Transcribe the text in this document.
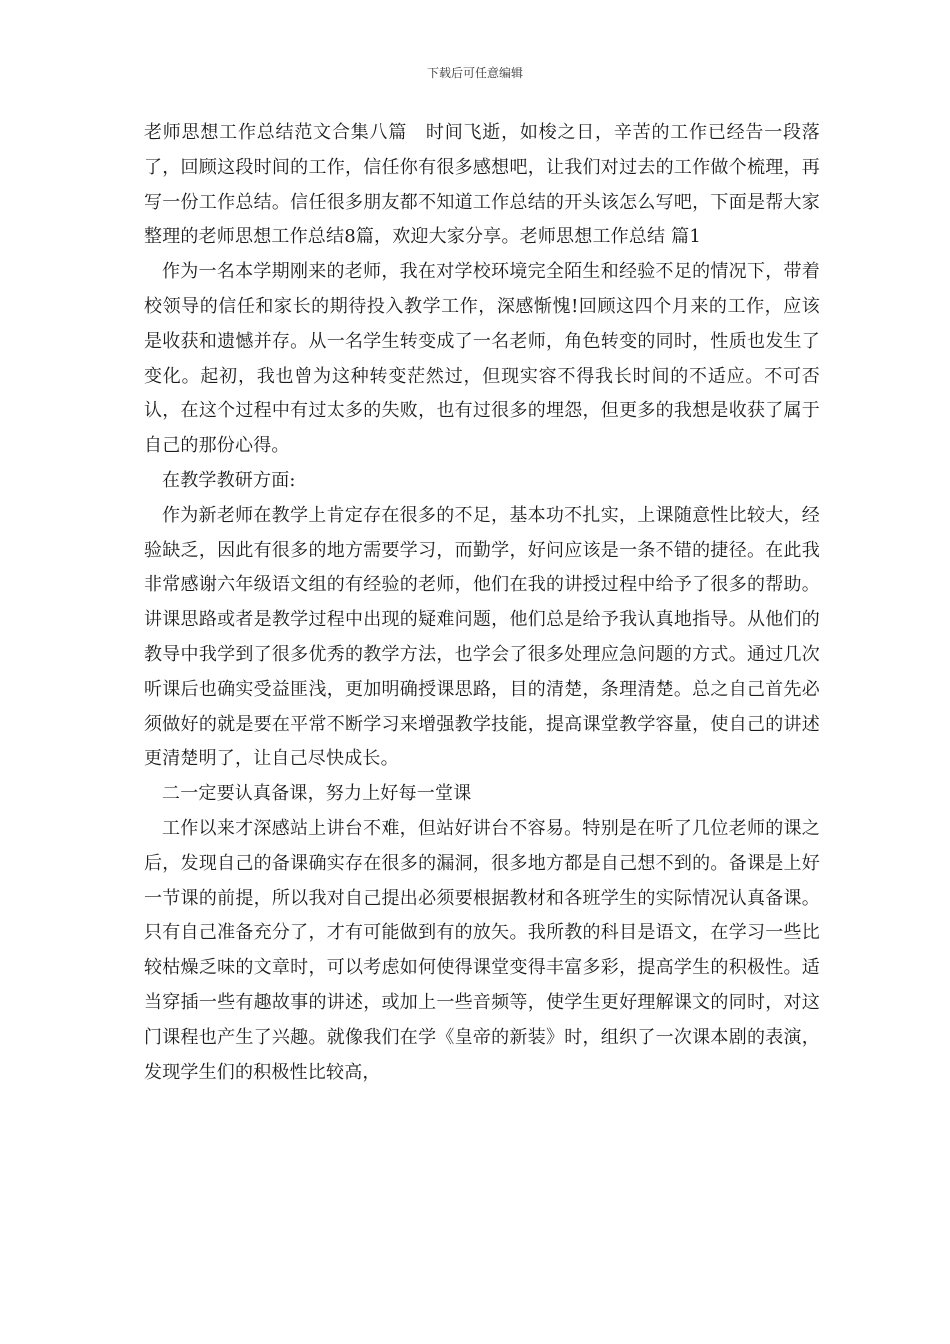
下载后可任意编辑

老师思想工作总结范文合集八篇　时间飞逝，如梭之日，辛苦的工作已经告一段落了，回顾这段时间的工作，信任你有很多感想吧，让我们对过去的工作做个梳理，再写一份工作总结。信任很多朋友都不知道工作总结的开头该怎么写吧，下面是帮大家整理的老师思想工作总结8篇，欢迎大家分享。老师思想工作总结 篇1

作为一名本学期刚来的老师，我在对学校环境完全陌生和经验不足的情况下，带着校领导的信任和家长的期待投入教学工作，深感惭愧!回顾这四个月来的工作，应该是收获和遗憾并存。从一名学生转变成了一名老师，角色转变的同时，性质也发生了变化。起初，我也曾为这种转变茫然过，但现实容不得我长时间的不适应。不可否认，在这个过程中有过太多的失败，也有过很多的埋怨，但更多的我想是收获了属于自己的那份心得。

在教学教研方面:

作为新老师在教学上肯定存在很多的不足，基本功不扎实，上课随意性比较大，经验缺乏，因此有很多的地方需要学习，而勤学，好问应该是一条不错的捷径。在此我非常感谢六年级语文组的有经验的老师，他们在我的讲授过程中给予了很多的帮助。讲课思路或者是教学过程中出现的疑难问题，他们总是给予我认真地指导。从他们的教导中我学到了很多优秀的教学方法，也学会了很多处理应急问题的方式。通过几次听课后也确实受益匪浅，更加明确授课思路，目的清楚，条理清楚。总之自己首先必须做好的就是要在平常不断学习来增强教学技能，提高课堂教学容量，使自己的讲述更清楚明了，让自己尽快成长。

二一定要认真备课，努力上好每一堂课

工作以来才深感站上讲台不难，但站好讲台不容易。特别是在听了几位老师的课之后，发现自己的备课确实存在很多的漏洞，很多地方都是自己想不到的。备课是上好一节课的前提，所以我对自己提出必须要根据教材和各班学生的实际情况认真备课。只有自己准备充分了，才有可能做到有的放矢。我所教的科目是语文，在学习一些比较枯燥乏味的文章时，可以考虑如何使得课堂变得丰富多彩，提高学生的积极性。适当穿插一些有趣故事的讲述，或加上一些音频等，使学生更好理解课文的同时，对这门课程也产生了兴趣。就像我们在学《皇帝的新装》时，组织了一次课本剧的表演，发现学生们的积极性比较高，
